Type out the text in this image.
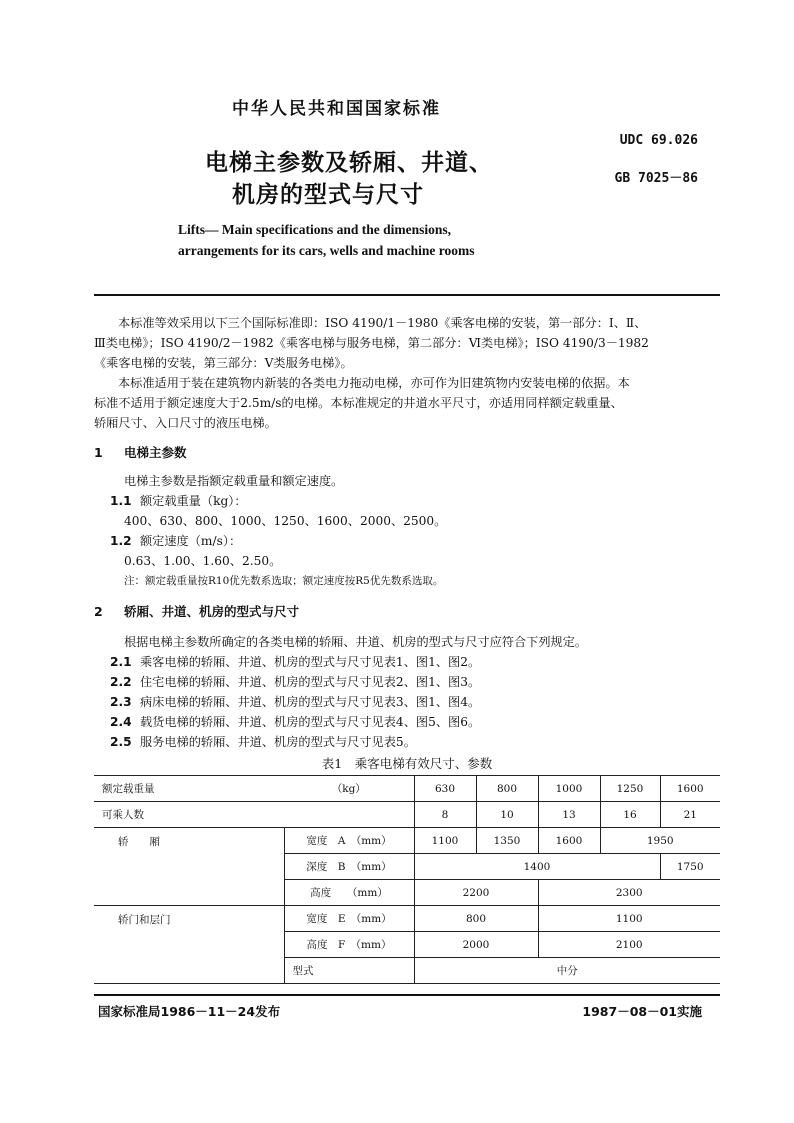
中华人民共和国国家标准
电梯主参数及轿厢、井道、
机房的型式与尺寸
UDC 69.026
GB 7025－86
Lifts— Main specifications and the dimensions,
arrangements for its cars, wells and machine rooms

本标准等效采用以下三个国际标准即：ISO 4190/1－1980《乘客电梯的安装，第一部分：Ⅰ、Ⅱ、

Ⅲ类电梯》；ISO 4190/2－1982《乘客电梯与服务电梯，第二部分：Ⅵ类电梯》；ISO 4190/3－1982

《乘客电梯的安装，第三部分：Ⅴ类服务电梯》。

本标准适用于装在建筑物内新装的各类电力拖动电梯，亦可作为旧建筑物内安装电梯的依据。本

标准不适用于额定速度大于2.5m/s的电梯。本标准规定的井道水平尺寸，亦适用同样额定载重量、

轿厢尺寸、入口尺寸的液压电梯。

1 电梯主参数
电梯主参数是指额定载重量和额定速度。
1.1 额定载重量（kg）：
400、630、800、1000、1250、1600、2000、2500。
1.2 额定速度（m/s）：
0.63、1.00、1.60、2.50。
注：额定载重量按R10优先数系选取；额定速度按R5优先数系选取。
2 轿厢、井道、机房的型式与尺寸
根据电梯主参数所确定的各类电梯的轿厢、井道、机房的型式与尺寸应符合下列规定。
2.1 乘客电梯的轿厢、井道、机房的型式与尺寸见表1、图1、图2。
2.2 住宅电梯的轿厢、井道、机房的型式与尺寸见表2、图1、图3。
2.3 病床电梯的轿厢、井道、机房的型式与尺寸见表3、图1、图4。
2.4 载货电梯的轿厢、井道、机房的型式与尺寸见表4、图5、图6。
2.5 服务电梯的轿厢、井道、机房的型式与尺寸见表5。
表1　乘客电梯有效尺寸、参数
额定载重量	（kg）	630	800	1000	1250	1600
可乘人数		8	10	13	16	21
轿　　厢	宽度　A　（mm）	1100	1350	1600	1950	
	深度　B　（mm）	1400				1750
	高度　　（mm）	2200		2300		
轿门和层门	宽度　E　（mm）	800		1100		
	高度　F　（mm）	2000		2100		
	型式	中分				
国家标准局1986－11－24发布	1987－08－01实施
